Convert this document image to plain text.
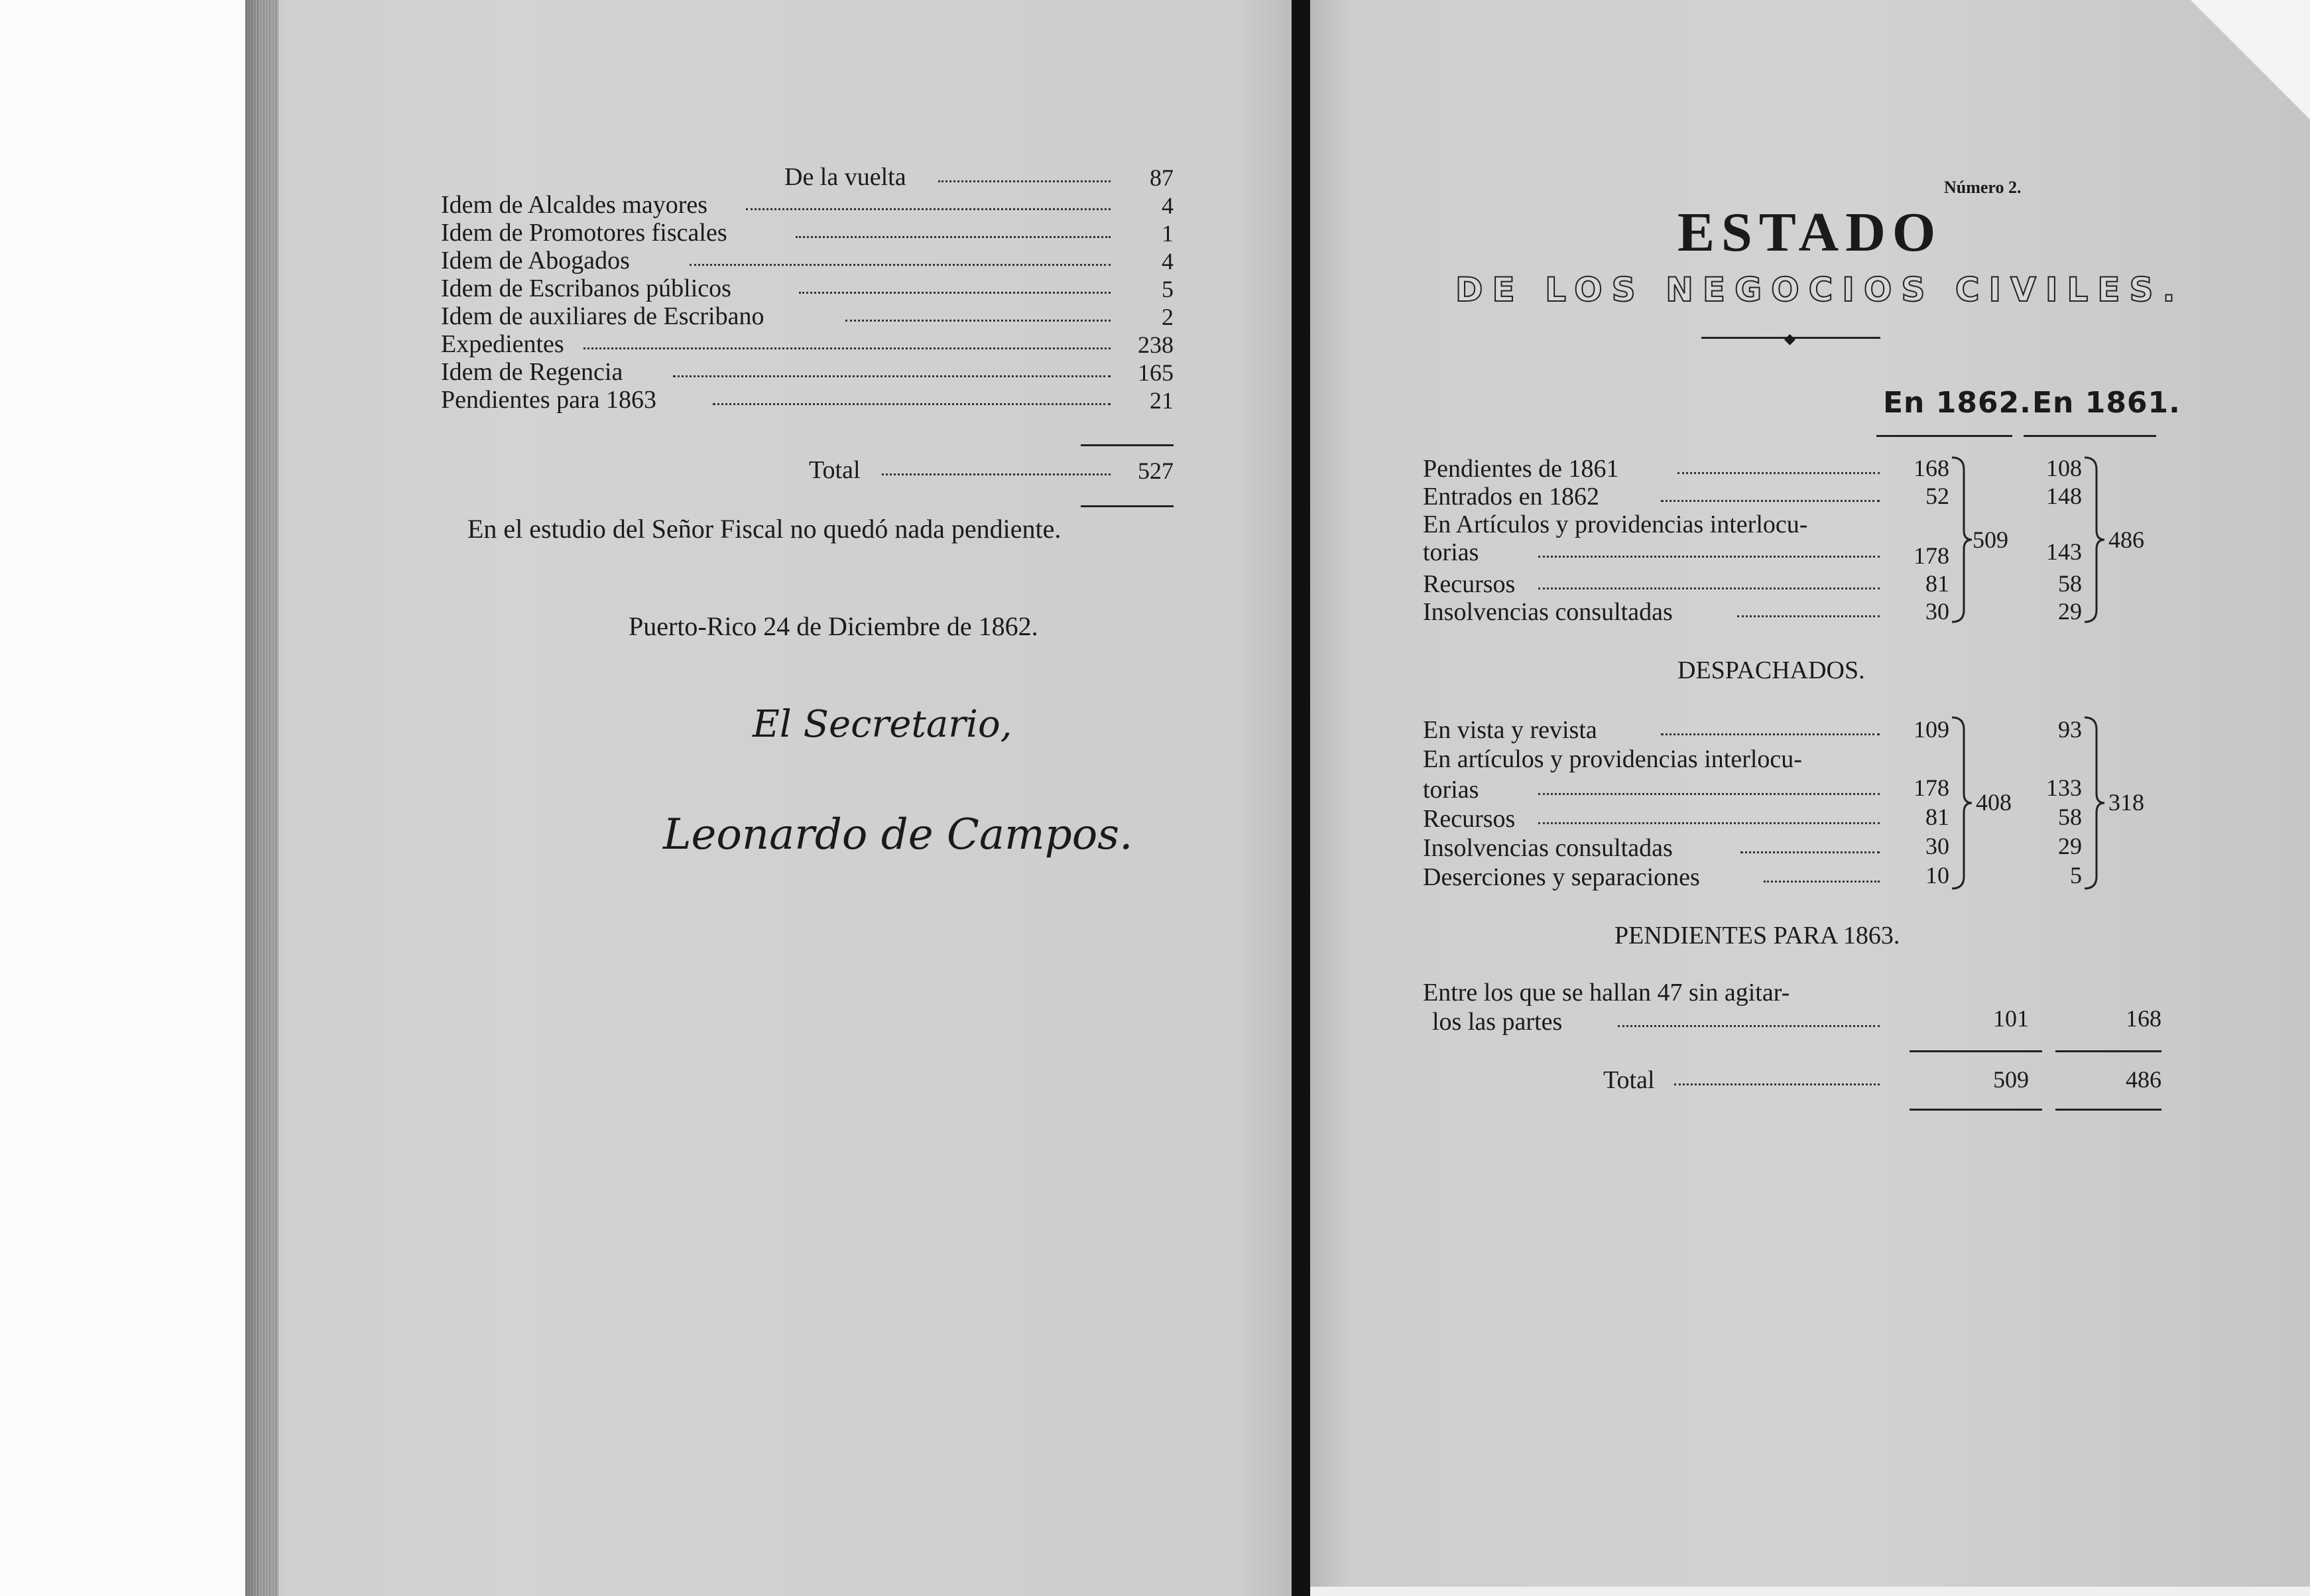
De la vuelta	87
Idem de Alcaldes mayores	4
Idem de Promotores fiscales	1
Idem de Abogados	4
Idem de Escribanos públicos	5
Idem de auxiliares de Escribano	2
Expedientes	238
Idem de Regencia	165
Pendientes para 1863	21
Total	527
En el estudio del Señor Fiscal no quedó nada pendiente.
Puerto-Rico 24 de Diciembre de 1862.
El Secretario,
Leonardo de Campos.
Número 2.
ESTADO
DE LOS NEGOCIOS CIVILES.
◆
En 1862. En 1861.
Pendientes de 1861	168	108
Entrados en 1862	52	148
En Artículos y providencias interlocu-
torias	178	143
Recursos	81	58
Insolvencias consultadas	30	29
509	486
DESPACHADOS.
En vista y revista	109	93
En artículos y providencias interlocu-
torias	178	133
Recursos	81	58
Insolvencias consultadas	30	29
Deserciones y separaciones	10	5
408	318
PENDIENTES PARA 1863.
Entre los que se hallan 47 sin agitar-
los las partes	101	168
Total	509	486
